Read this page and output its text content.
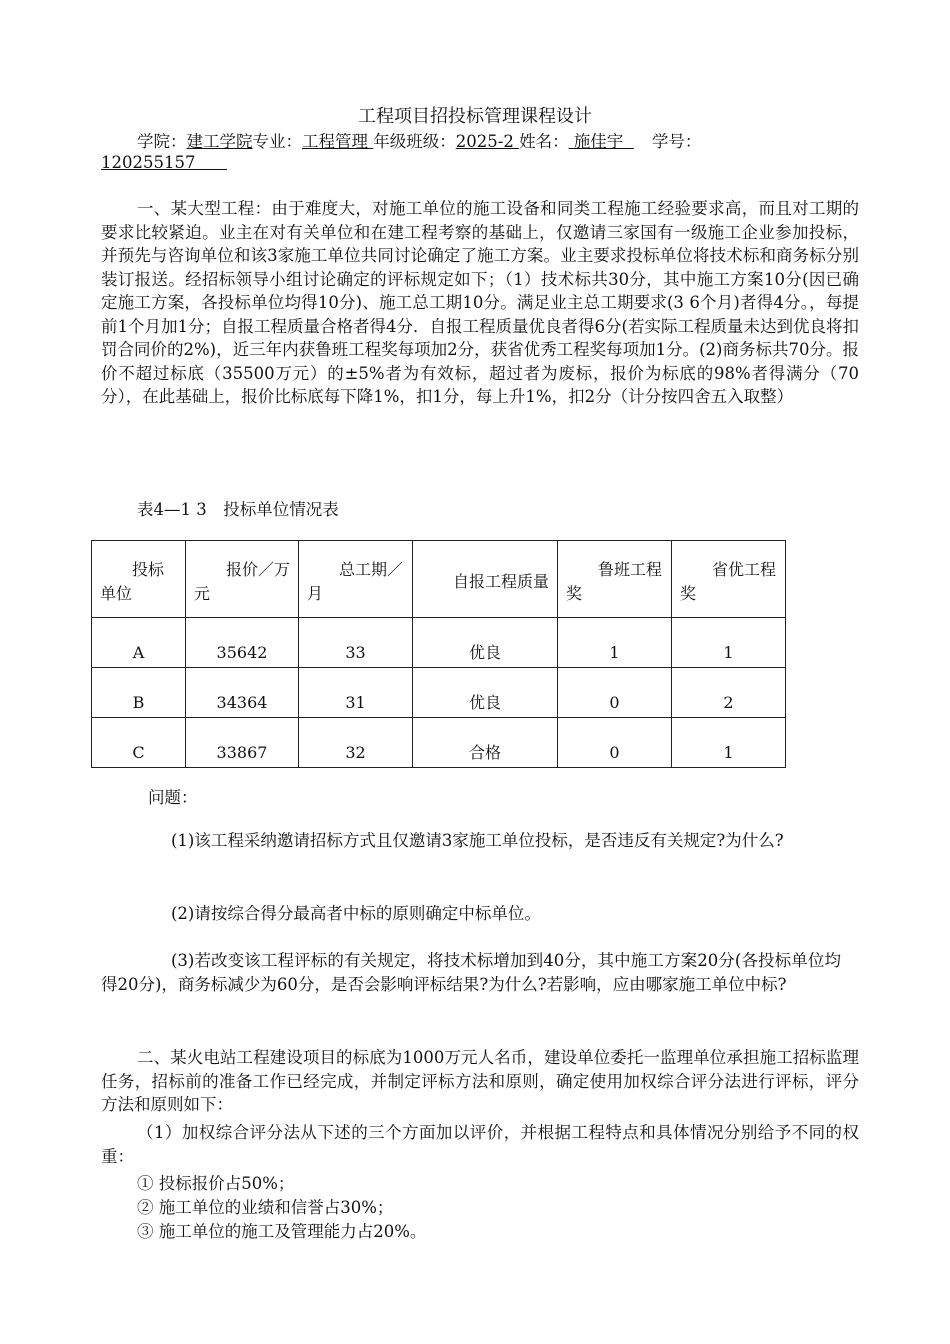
工程项目招投标管理课程设计
学院：建工学院专业：工程管理 年级班级：2025-2 姓名： 施佳宇  学号：
120255157
一、某大型工程：由于难度大，对施工单位的施工设备和同类工程施工经验要求高，而且对工期的要求比较紧迫。业主在对有关单位和在建工程考察的基础上，仅邀请三家国有一级施工企业参加投标，并预先与咨询单位和该3家施工单位共同讨论确定了施工方案。业主要求投标单位将技术标和商务标分别装订报送。经招标领导小组讨论确定的评标规定如下；（1）技术标共30分，其中施工方案10分(因已确定施工方案，各投标单位均得10分)、施工总工期10分。满足业主总工期要求(3 6个月)者得4分。，每提前1个月加1分；自报工程质量合格者得4分．自报工程质量优良者得6分(若实际工程质量未达到优良将扣罚合同价的2%)，近三年内获鲁班工程奖每项加2分，获省优秀工程奖每项加1分。(2)商务标共70分。报价不超过标底（35500万元）的±5%者为有效标，超过者为废标，报价为标底的98%者得满分（70分），在此基础上，报价比标底每下降1%，扣1分，每上升1%，扣2分（计分按四舍五入取整）
表4—1 3　投标单位情况表
投标单位	报价／万元	总工期／月	自报工程质量	鲁班工程奖	省优工程奖
A	35642	33	优良	1	1
B	34364	31	优良	0	2
C	33867	32	合格	0	1
问题：
(1)该工程采纳邀请招标方式且仅邀请3家施工单位投标，是否违反有关规定?为什么?
(2)请按综合得分最高者中标的原则确定中标单位。
(3)若改变该工程评标的有关规定，将技术标增加到40分，其中施工方案20分(各投标单位均得20分)，商务标减少为60分，是否会影响评标结果?为什么?若影响，应由哪家施工单位中标?
二、某火电站工程建设项目的标底为1000万元人名币，建设单位委托一监理单位承担施工招标监理任务，招标前的准备工作已经完成，并制定评标方法和原则，确定使用加权综合评分法进行评标，评分方法和原则如下：
（1）加权综合评分法从下述的三个方面加以评价，并根据工程特点和具体情况分别给予不同的权重：
① 投标报价占50%；
② 施工单位的业绩和信誉占30%；
③ 施工单位的施工及管理能力占20%。
